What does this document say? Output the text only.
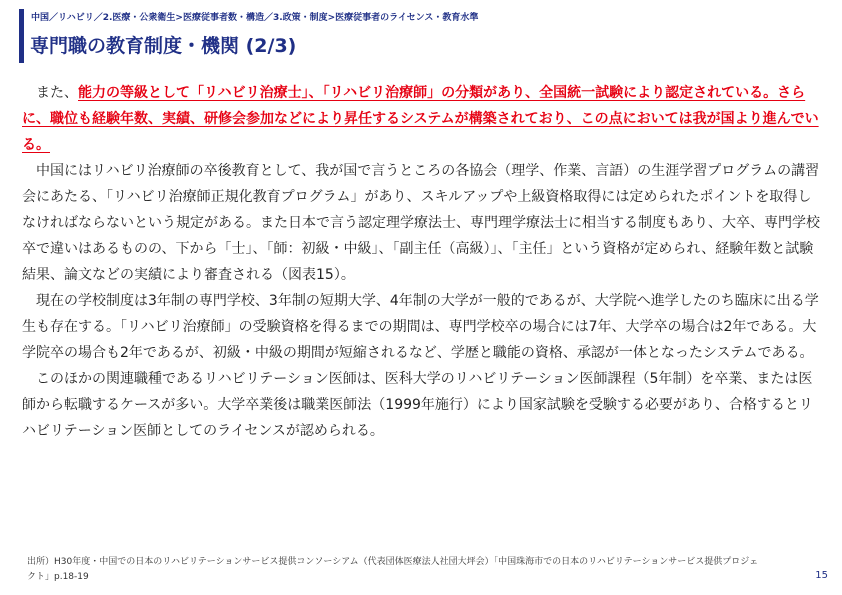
中国／リハビリ／2.医療・公衆衛生>医療従事者数・構造／3.政策・制度>医療従事者のライセンス・教育水準
専門職の教育制度・機関 (2/3)

また、能力の等級として「リハビリ治療士」、「リハビリ治療師」の分類があり、全国統一試験により認定されている。さらに、職位も経験年数、実績、研修会参加などにより昇任するシステムが構築されており、この点においては我が国より進んでいる。

中国にはリハビリ治療師の卒後教育として、我が国で言うところの各協会（理学、作業、言語）の生涯学習プログラムの講習会にあたる、「リハビリ治療師正規化教育プログラム」があり、スキルアップや上級資格取得には定められたポイントを取得しなければならないという規定がある。また日本で言う認定理学療法士、専門理学療法士に相当する制度もあり、大卒、専門学校卒で違いはあるものの、下から「士」、「師：初級・中級」、「副主任（高級）」、「主任」という資格が定められ、経験年数と試験結果、論文などの実績により審査される（図表15）。

現在の学校制度は3年制の専門学校、3年制の短期大学、4年制の大学が一般的であるが、大学院へ進学したのち臨床に出る学生も存在する。「リハビリ治療師」の受験資格を得るまでの期間は、専門学校卒の場合には7年、大学卒の場合は2年である。大学院卒の場合も2年であるが、初級・中級の期間が短縮されるなど、学歴と職能の資格、承認が一体となったシステムである。

このほかの関連職種であるリハビリテーション医師は、医科大学のリハビリテーション医師課程（5年制）を卒業、または医師から転職するケースが多い。大学卒業後は職業医師法（1999年施行）により国家試験を受験する必要があり、合格するとリハビリテーション医師としてのライセンスが認められる。

出所）H30年度・中国での日本のリハビリテーションサービス提供コンソーシアム（代表団体医療法人社団大坪会）「中国珠海市での日本のリハビリテーションサービス提供プロジェクト」p.18-19	15
